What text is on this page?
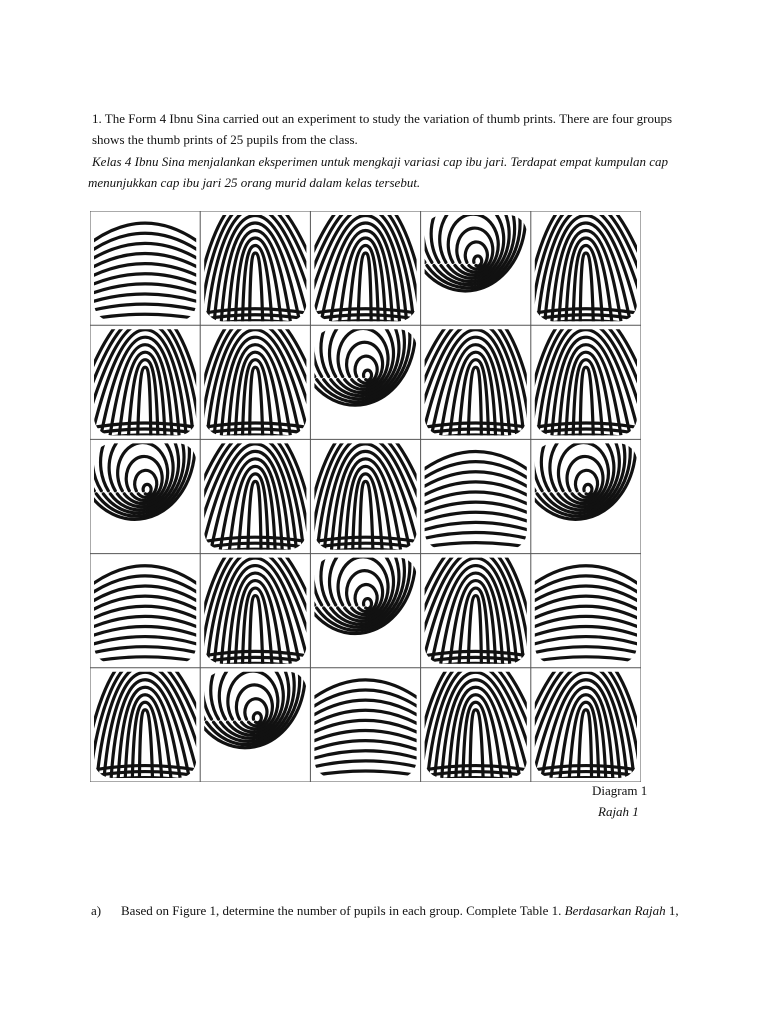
1. The Form 4 Ibnu Sina carried out an experiment to study the variation of thumb prints. There are four groups
shows the thumb prints of 25 pupils from the class.
Kelas 4 Ibnu Sina menjalankan eksperimen untuk mengkaji variasi cap ibu jari. Terdapat empat kumpulan cap
menunjukkan cap ibu jari 25 orang murid dalam kelas tersebut.
Diagram 1
Rajah 1
a) Based on Figure 1, determine the number of pupils in each group. Complete Table 1. Berdasarkan Rajah 1,
